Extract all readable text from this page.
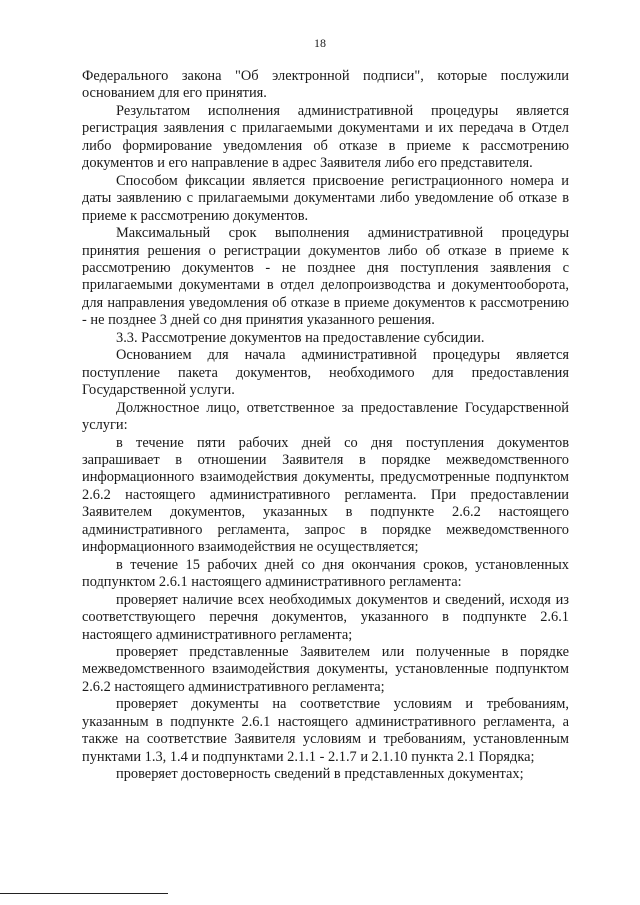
18

Федерального закона "Об электронной подписи", которые послужили основанием для его принятия.

Результатом исполнения административной процедуры является регистрация заявления с прилагаемыми документами и их передача в Отдел либо формирование уведомления об отказе в приеме к рассмотрению документов и его направление в адрес Заявителя либо его представителя.

Способом фиксации является присвоение регистрационного номера и даты заявлению с прилагаемыми документами либо уведомление об отказе в приеме к рассмотрению документов.

Максимальный срок выполнения административной процедуры принятия решения о регистрации документов либо об отказе в приеме к рассмотрению документов - не позднее дня поступления заявления с прилагаемыми документами в отдел делопроизводства и документооборота, для направления уведомления об отказе в приеме документов к рассмотрению - не позднее 3 дней со дня принятия указанного решения.

3.3. Рассмотрение документов на предоставление субсидии.

Основанием для начала административной процедуры является поступление пакета документов, необходимого для предоставления Государственной услуги.

Должностное лицо, ответственное за предоставление Государственной услуги:

в течение пяти рабочих дней со дня поступления документов запрашивает в отношении Заявителя в порядке межведомственного информационного взаимодействия документы, предусмотренные подпунктом 2.6.2 настоящего административного регламента. При предоставлении Заявителем документов, указанных в подпункте 2.6.2 настоящего административного регламента, запрос в порядке межведомственного информационного взаимодействия не осуществляется;

в течение 15 рабочих дней со дня окончания сроков, установленных подпунктом 2.6.1 настоящего административного регламента:

проверяет наличие всех необходимых документов и сведений, исходя из соответствующего перечня документов, указанного в подпункте 2.6.1 настоящего административного регламента;

проверяет представленные Заявителем или полученные в порядке межведомственного взаимодействия документы, установленные подпунктом 2.6.2 настоящего административного регламента;

проверяет документы на соответствие условиям и требованиям, указанным в подпункте 2.6.1 настоящего административного регламента, а также на соответствие Заявителя условиям и требованиям, установленным пунктами 1.3, 1.4 и подпунктами 2.1.1 - 2.1.7 и 2.1.10 пункта 2.1 Порядка;

проверяет достоверность сведений в представленных документах;
